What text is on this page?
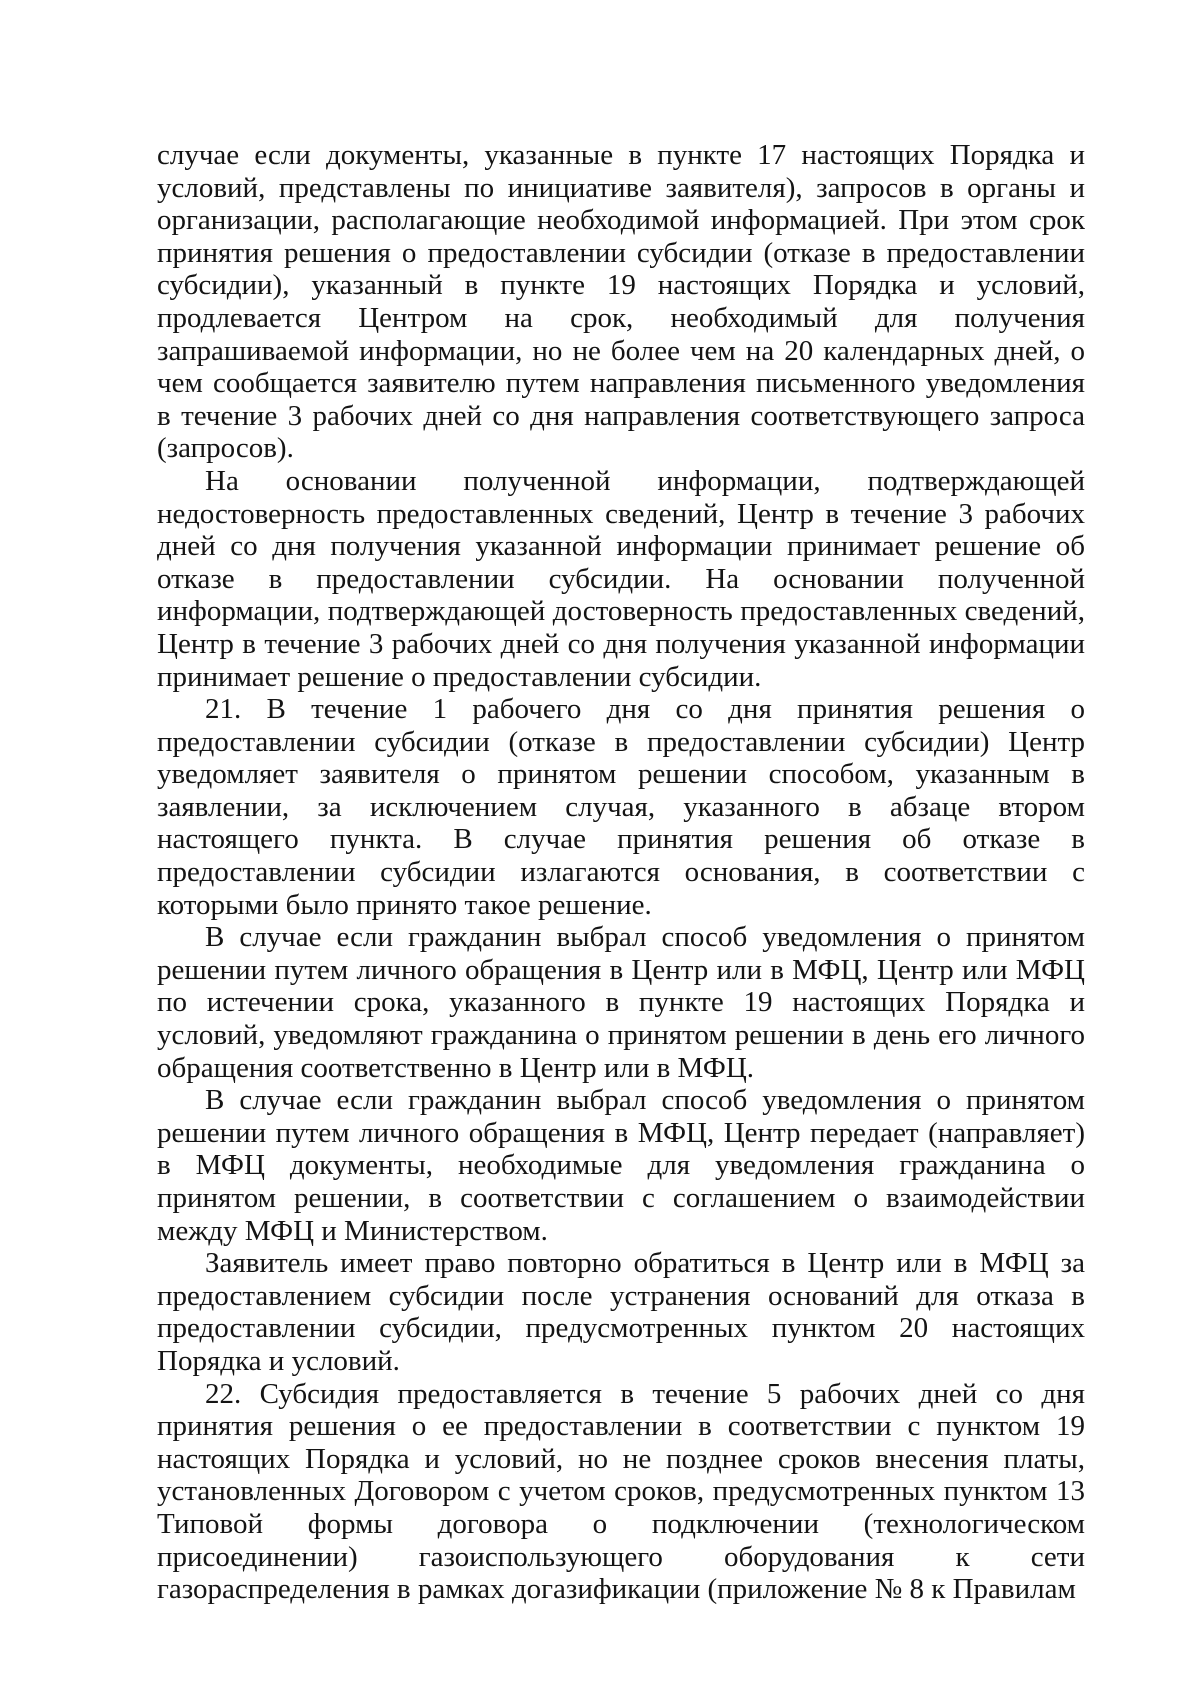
случае если документы, указанные в пункте 17 настоящих Порядка и условий, представлены по инициативе заявителя), запросов в органы и организации, располагающие необходимой информацией. При этом срок принятия решения о предоставлении субсидии (отказе в предоставлении субсидии), указанный в пункте 19 настоящих Порядка и условий, продлевается Центром на срок, необходимый для получения запрашиваемой информации, но не более чем на 20 календарных дней, о чем сообщается заявителю путем направления письменного уведомления в течение 3 рабочих дней со дня направления соответствующего запроса (запросов).

На основании полученной информации, подтверждающей недостоверность предоставленных сведений, Центр в течение 3 рабочих дней со дня получения указанной информации принимает решение об отказе в предоставлении субсидии. На основании полученной информации, подтверждающей достоверность предоставленных сведений, Центр в течение 3 рабочих дней со дня получения указанной информации принимает решение о предоставлении субсидии.

21. В течение 1 рабочего дня со дня принятия решения о предоставлении субсидии (отказе в предоставлении субсидии) Центр уведомляет заявителя о принятом решении способом, указанным в заявлении, за исключением случая, указанного в абзаце втором настоящего пункта. В случае принятия решения об отказе в предоставлении субсидии излагаются основания, в соответствии с которыми было принято такое решение.

В случае если гражданин выбрал способ уведомления о принятом решении путем личного обращения в Центр или в МФЦ, Центр или МФЦ по истечении срока, указанного в пункте 19 настоящих Порядка и условий, уведомляют гражданина о принятом решении в день его личного обращения соответственно в Центр или в МФЦ.

В случае если гражданин выбрал способ уведомления о принятом решении путем личного обращения в МФЦ, Центр передает (направляет) в МФЦ документы, необходимые для уведомления гражданина о принятом решении, в соответствии с соглашением о взаимодействии между МФЦ и Министерством.

Заявитель имеет право повторно обратиться в Центр или в МФЦ за предоставлением субсидии после устранения оснований для отказа в предоставлении субсидии, предусмотренных пунктом 20 настоящих Порядка и условий.

22. Субсидия предоставляется в течение 5 рабочих дней со дня принятия решения о ее предоставлении в соответствии с пунктом 19 настоящих Порядка и условий, но не позднее сроков внесения платы, установленных Договором с учетом сроков, предусмотренных пунктом 13 Типовой формы договора о подключении (технологическом присоединении) газоиспользующего оборудования к сети газораспределения в рамках догазификации (приложение № 8 к Правилам
